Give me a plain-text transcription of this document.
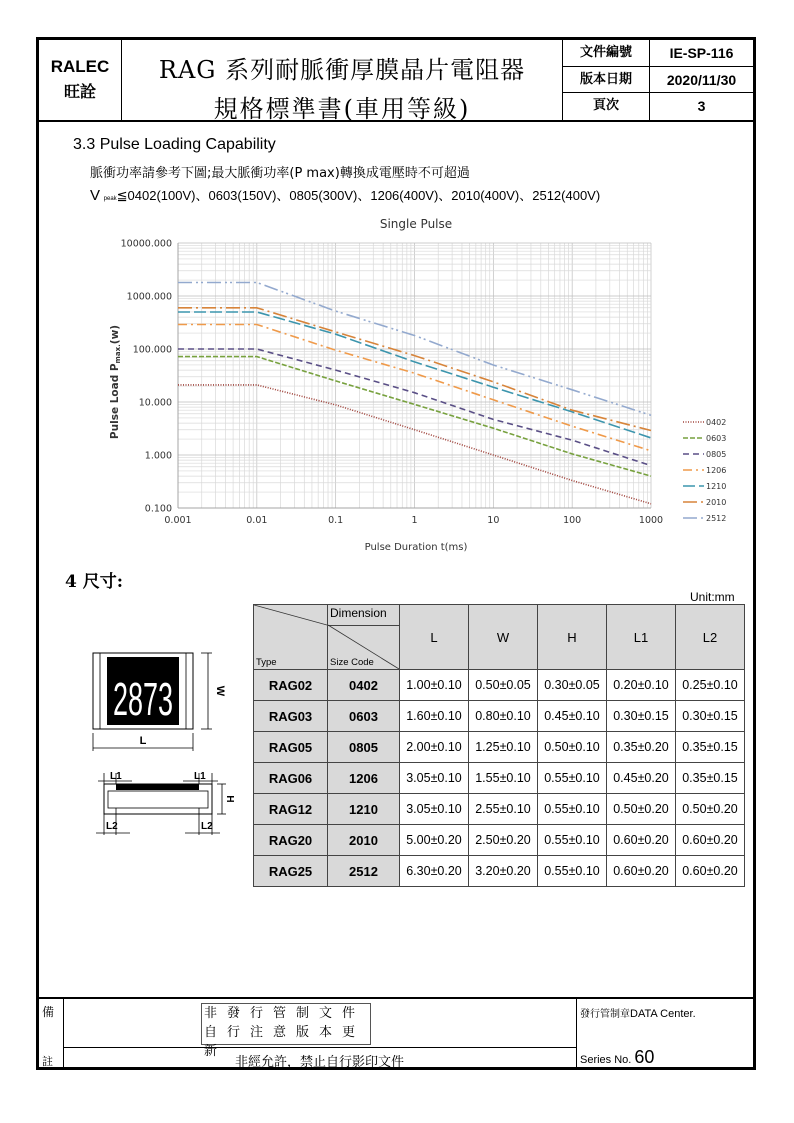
RALEC
旺詮
RAG 系列耐脈衝厚膜晶片電阻器
規格標準書(車用等級)
文件編號	IE-SP-116
版本日期	2020/11/30
頁次	3
3.3 Pulse Loading Capability
脈衝功率請參考下圖;最大脈衝功率(P max)轉換成電壓時不可超過
V peak≦0402(100V)、0603(150V)、0805(300V)、1206(400V)、2010(400V)、2512(400V)
Single Pulse
10000.000
1000.000
100.000
10.000
1.000
0.100
0.001	0.01	0.1	1	10	100	1000
0402
0603
0805
1206
1210
2010
2512
Pulse Duration t(ms)
Pulse Load Pmax.(w)
4 尺寸:
Unit:mm
2873	W
L
L1	L1
H
L2	L2
Type	Dimension
Size Code	L	W	H	L1	L2
RAG02	0402	1.00±0.10	0.50±0.05	0.30±0.05	0.20±0.10	0.25±0.10
RAG03	0603	1.60±0.10	0.80±0.10	0.45±0.10	0.30±0.15	0.30±0.15
RAG05	0805	2.00±0.10	1.25±0.10	0.50±0.10	0.35±0.20	0.35±0.15
RAG06	1206	3.05±0.10	1.55±0.10	0.55±0.10	0.45±0.20	0.35±0.15
RAG12	1210	3.05±0.10	2.55±0.10	0.55±0.10	0.50±0.20	0.50±0.20
RAG20	2010	5.00±0.20	2.50±0.20	0.55±0.10	0.60±0.20	0.60±0.20
RAG25	2512	6.30±0.20	3.20±0.20	0.55±0.10	0.60±0.20	0.60±0.20
備
註
非發行管制文件
自行注意版本更新
非經允許，禁止自行影印文件
發行管制章DATA Center.
Series No. 60
